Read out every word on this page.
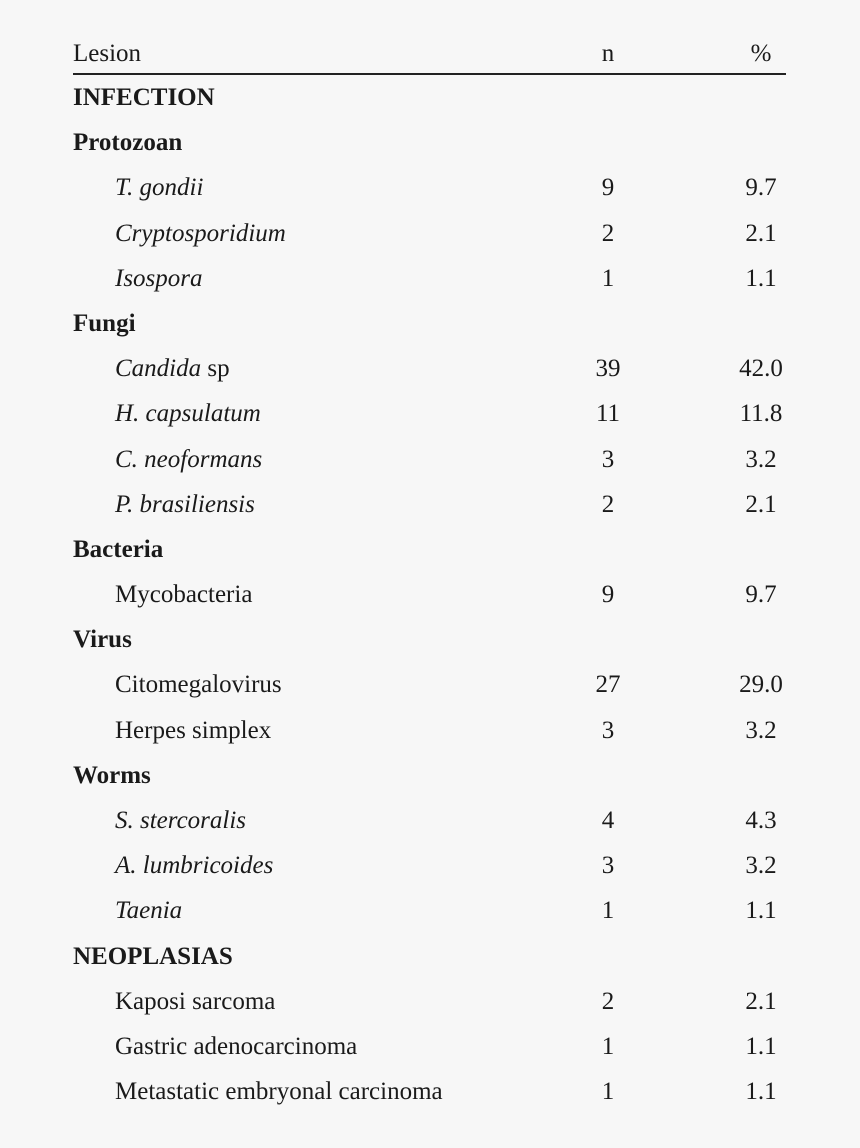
Lesion	n	%
INFECTION
Protozoan
T. gondii	9	9.7
Cryptosporidium	2	2.1
Isospora	1	1.1
Fungi
Candida sp	39	42.0
H. capsulatum	11	11.8
C. neoformans	3	3.2
P. brasiliensis	2	2.1
Bacteria
Mycobacteria	9	9.7
Virus
Citomegalovirus	27	29.0
Herpes simplex	3	3.2
Worms
S. stercoralis	4	4.3
A. lumbricoides	3	3.2
Taenia	1	1.1
NEOPLASIAS
Kaposi sarcoma	2	2.1
Gastric adenocarcinoma	1	1.1
Metastatic embryonal carcinoma	1	1.1
